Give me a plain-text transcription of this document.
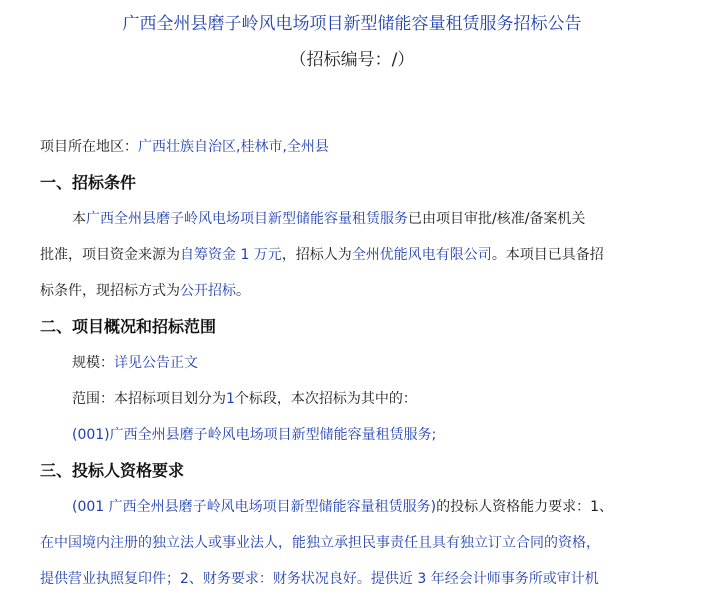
广西全州县磨子岭风电场项目新型储能容量租赁服务招标公告
（招标编号：/）
项目所在地区：广西壮族自治区,桂林市,全州县
一、招标条件
本广西全州县磨子岭风电场项目新型储能容量租赁服务已由项目审批/核准/备案机关
批准，项目资金来源为自筹资金 1 万元，招标人为全州优能风电有限公司。本项目已具备招
标条件，现招标方式为公开招标。
二、项目概况和招标范围
规模：详见公告正文
范围：本招标项目划分为1个标段，本次招标为其中的：
(001)广西全州县磨子岭风电场项目新型储能容量租赁服务;
三、投标人资格要求
(001 广西全州县磨子岭风电场项目新型储能容量租赁服务)的投标人资格能力要求：1、
在中国境内注册的独立法人或事业法人，能独立承担民事责任且具有独立订立合同的资格，
提供营业执照复印件；2、财务要求：财务状况良好。提供近 3 年经会计师事务所或审计机
